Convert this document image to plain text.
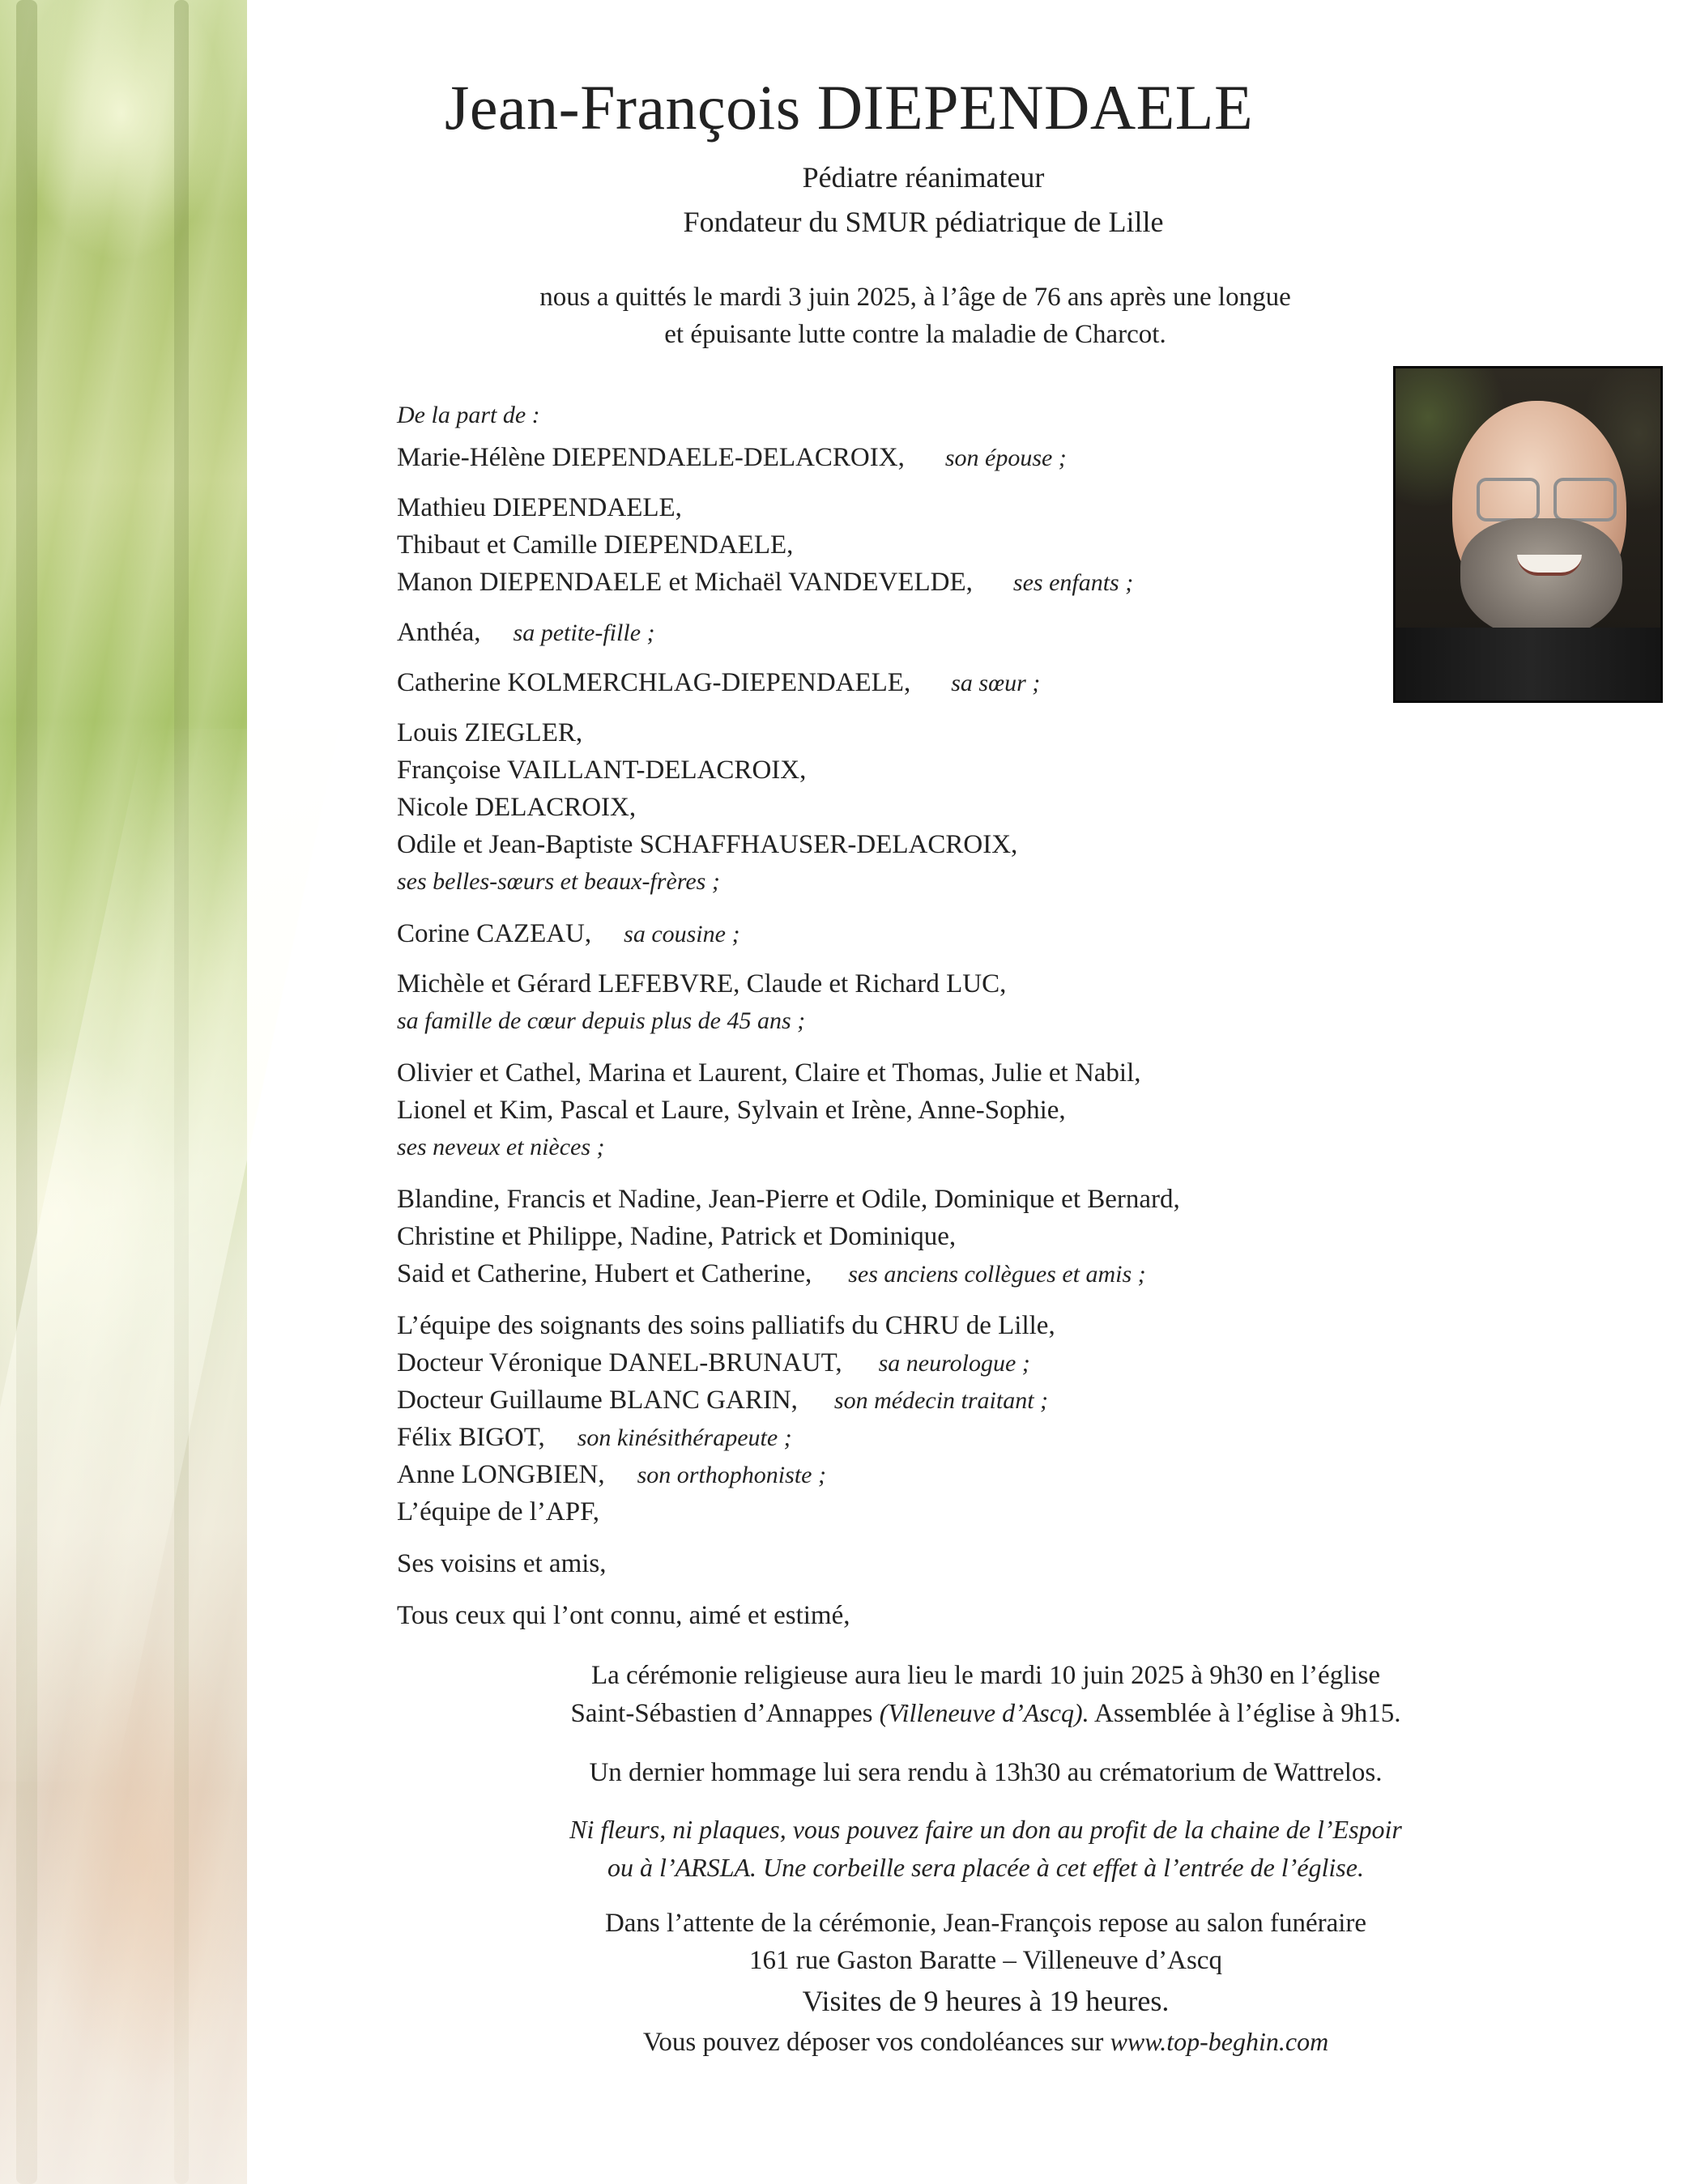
Jean-François DIEPENDAELE
Pédiatre réanimateur
Fondateur du SMUR pédiatrique de Lille
nous a quittés le mardi 3 juin 2025, à l’âge de 76 ans après une longue
et épuisante lutte contre la maladie de Charcot.
De la part de :
Marie-Hélène DIEPENDAELE-DELACROIX, son épouse ;
Mathieu DIEPENDAELE,
Thibaut et Camille DIEPENDAELE,
Manon DIEPENDAELE et Michaël VANDEVELDE, ses enfants ;
Anthéa, sa petite-fille ;
Catherine KOLMERCHLAG-DIEPENDAELE, sa sœur ;
Louis ZIEGLER,
Françoise VAILLANT-DELACROIX,
Nicole DELACROIX,
Odile et Jean-Baptiste SCHAFFHAUSER-DELACROIX,
ses belles-sœurs et beaux-frères ;
Corine CAZEAU, sa cousine ;
Michèle et Gérard LEFEBVRE, Claude et Richard LUC,
sa famille de cœur depuis plus de 45 ans ;
Olivier et Cathel, Marina et Laurent, Claire et Thomas, Julie et Nabil,
Lionel et Kim, Pascal et Laure, Sylvain et Irène, Anne-Sophie,
ses neveux et nièces ;
Blandine, Francis et Nadine, Jean-Pierre et Odile, Dominique et Bernard,
Christine et Philippe, Nadine, Patrick et Dominique,
Said et Catherine, Hubert et Catherine, ses anciens collègues et amis ;
L’équipe des soignants des soins palliatifs du CHRU de Lille,
Docteur Véronique DANEL-BRUNAUT, sa neurologue ;
Docteur Guillaume BLANC GARIN, son médecin traitant ;
Félix BIGOT, son kinésithérapeute ;
Anne LONGBIEN, son orthophoniste ;
L’équipe de l’APF,
Ses voisins et amis,
Tous ceux qui l’ont connu, aimé et estimé,
La cérémonie religieuse aura lieu le mardi 10 juin 2025 à 9h30 en l’église
Saint-Sébastien d’Annappes (Villeneuve d’Ascq). Assemblée à l’église à 9h15.
Un dernier hommage lui sera rendu à 13h30 au crématorium de Wattrelos.
Ni fleurs, ni plaques, vous pouvez faire un don au profit de la chaine de l’Espoir
ou à l’ARSLA. Une corbeille sera placée à cet effet à l’entrée de l’église.
Dans l’attente de la cérémonie, Jean-François repose au salon funéraire
161 rue Gaston Baratte – Villeneuve d’Ascq
Visites de 9 heures à 19 heures.
Vous pouvez déposer vos condoléances sur www.top-beghin.com
